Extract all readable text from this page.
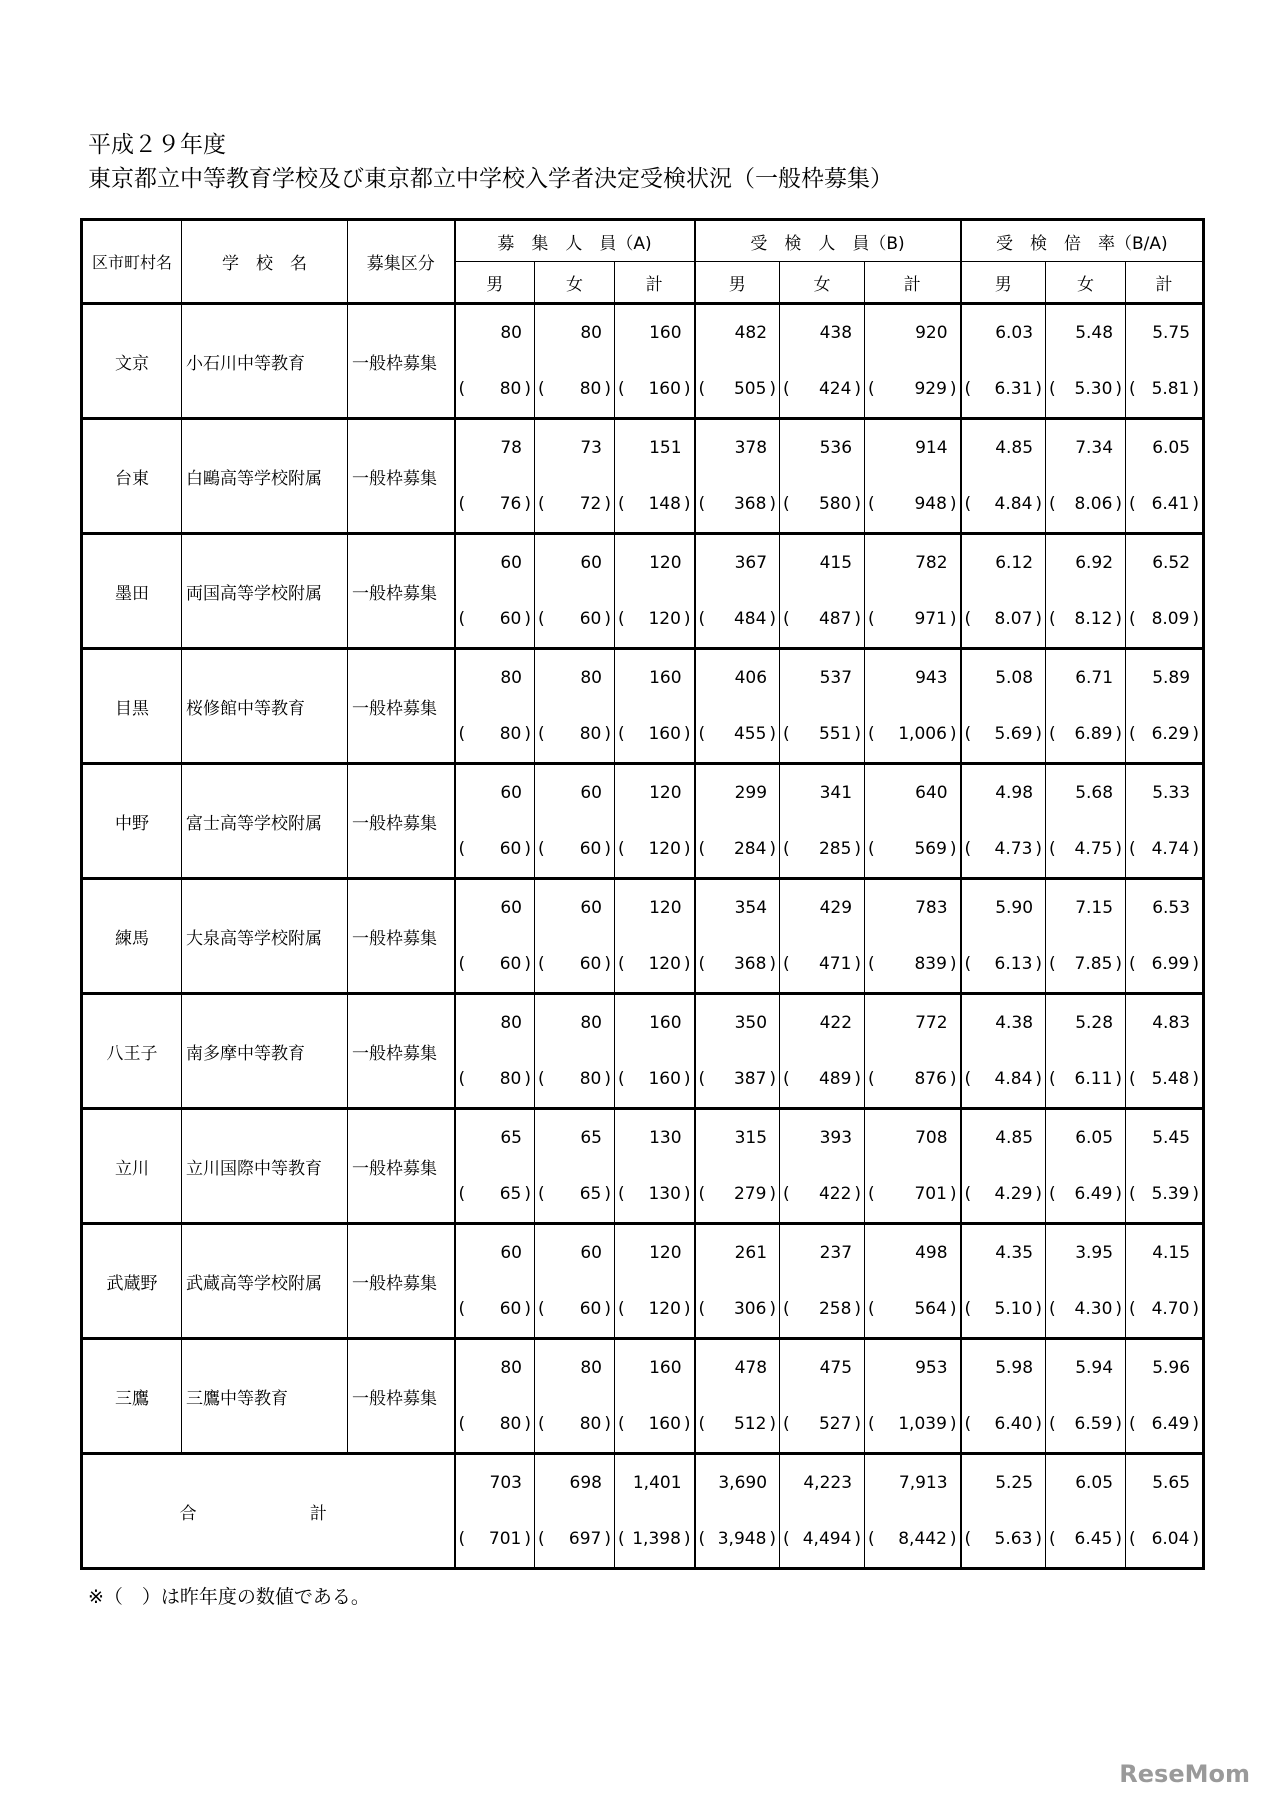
平成２９年度
東京都立中等教育学校及び東京都立中学校入学者決定受検状況（一般枠募集）
区市町村名	学　校　名	募集区分	募　集　人　員（A)			受　検　人　員（B)			受　検　倍　率（B/A)		
			男	女	計	男	女	計	男	女	計
文京	小石川中等教育	一般枠募集	80	80	160	482	438	920	6.03	5.48	5.75

			( 80 )	( 80 )	( 160 )	( 505 )	( 424 )	( 929 )	( 6.31 )	( 5.30 )	( 5.81 )

台東	白鷗高等学校附属	一般枠募集	78	73	151	378	536	914	4.85	7.34	6.05

			( 76 )	( 72 )	( 148 )	( 368 )	( 580 )	( 948 )	( 4.84 )	( 8.06 )	( 6.41 )

墨田	両国高等学校附属	一般枠募集	60	60	120	367	415	782	6.12	6.92	6.52

			( 60 )	( 60 )	( 120 )	( 484 )	( 487 )	( 971 )	( 8.07 )	( 8.12 )	( 8.09 )

目黒	桜修館中等教育	一般枠募集	80	80	160	406	537	943	5.08	6.71	5.89

			( 80 )	( 80 )	( 160 )	( 455 )	( 551 )	( 1,006 )	( 5.69 )	( 6.89 )	( 6.29 )

中野	富士高等学校附属	一般枠募集	60	60	120	299	341	640	4.98	5.68	5.33

			( 60 )	( 60 )	( 120 )	( 284 )	( 285 )	( 569 )	( 4.73 )	( 4.75 )	( 4.74 )

練馬	大泉高等学校附属	一般枠募集	60	60	120	354	429	783	5.90	7.15	6.53

			( 60 )	( 60 )	( 120 )	( 368 )	( 471 )	( 839 )	( 6.13 )	( 7.85 )	( 6.99 )

八王子	南多摩中等教育	一般枠募集	80	80	160	350	422	772	4.38	5.28	4.83

			( 80 )	( 80 )	( 160 )	( 387 )	( 489 )	( 876 )	( 4.84 )	( 6.11 )	( 5.48 )

立川	立川国際中等教育	一般枠募集	65	65	130	315	393	708	4.85	6.05	5.45

			( 65 )	( 65 )	( 130 )	( 279 )	( 422 )	( 701 )	( 4.29 )	( 6.49 )	( 5.39 )

武蔵野	武蔵高等学校附属	一般枠募集	60	60	120	261	237	498	4.35	3.95	4.15

			( 60 )	( 60 )	( 120 )	( 306 )	( 258 )	( 564 )	( 5.10 )	( 4.30 )	( 4.70 )

三鷹	三鷹中等教育	一般枠募集	80	80	160	478	475	953	5.98	5.94	5.96

			( 80 )	( 80 )	( 160 )	( 512 )	( 527 )	( 1,039 )	( 6.40 )	( 6.59 )	( 6.49 )

合 計			703	698	1,401	3,690	4,223	7,913	5.25	6.05	5.65

			( 701 )	( 697 )	( 1,398 )	( 3,948 )	( 4,494 )	( 8,442 )	( 5.63 )	( 6.45 )	( 6.04 )
※（　）は昨年度の数値である。
ReseMom
